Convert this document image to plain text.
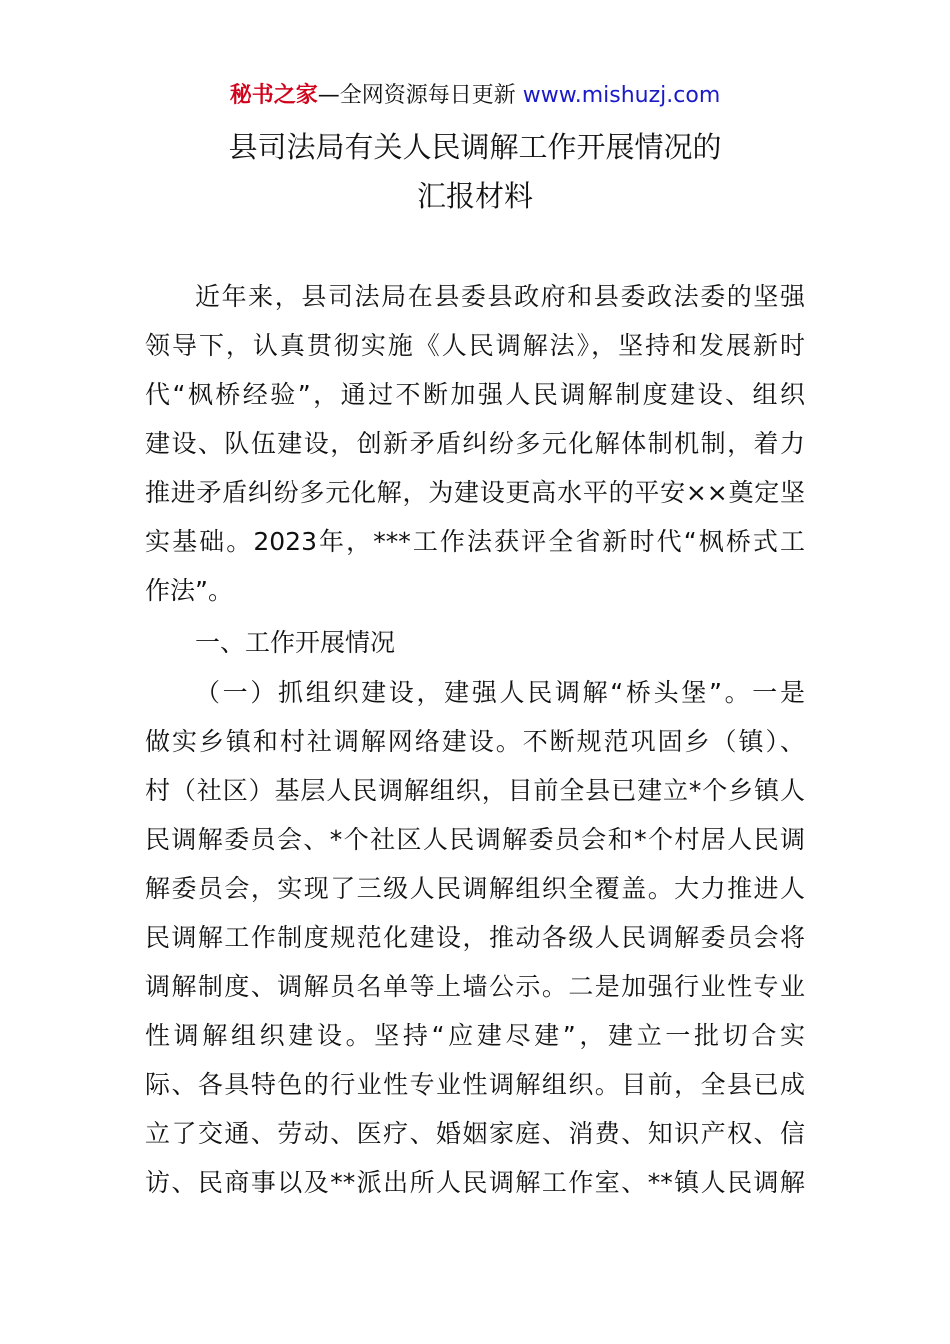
秘书之家—全网资源每日更新 www.mishuzj.com
县司法局有关人民调解工作开展情况的
汇报材料
近年来，县司法局在县委县政府和县委政法委的坚强
领导下，认真贯彻实施《人民调解法》，坚持和发展新时
代“枫桥经验”，通过不断加强人民调解制度建设、组织
建设、队伍建设，创新矛盾纠纷多元化解体制机制，着力
推进矛盾纠纷多元化解，为建设更高水平的平安××奠定坚
实基础。2023年，***工作法获评全省新时代“枫桥式工
作法”。
一、工作开展情况
（一）抓组织建设，建强人民调解“桥头堡”。一是
做实乡镇和村社调解网络建设。不断规范巩固乡（镇）、
村（社区）基层人民调解组织，目前全县已建立*个乡镇人
民调解委员会、*个社区人民调解委员会和*个村居人民调
解委员会，实现了三级人民调解组织全覆盖。大力推进人
民调解工作制度规范化建设，推动各级人民调解委员会将
调解制度、调解员名单等上墙公示。二是加强行业性专业
性调解组织建设。坚持“应建尽建”，建立一批切合实
际、各具特色的行业性专业性调解组织。目前，全县已成
立了交通、劳动、医疗、婚姻家庭、消费、知识产权、信
访、民商事以及**派出所人民调解工作室、**镇人民调解
